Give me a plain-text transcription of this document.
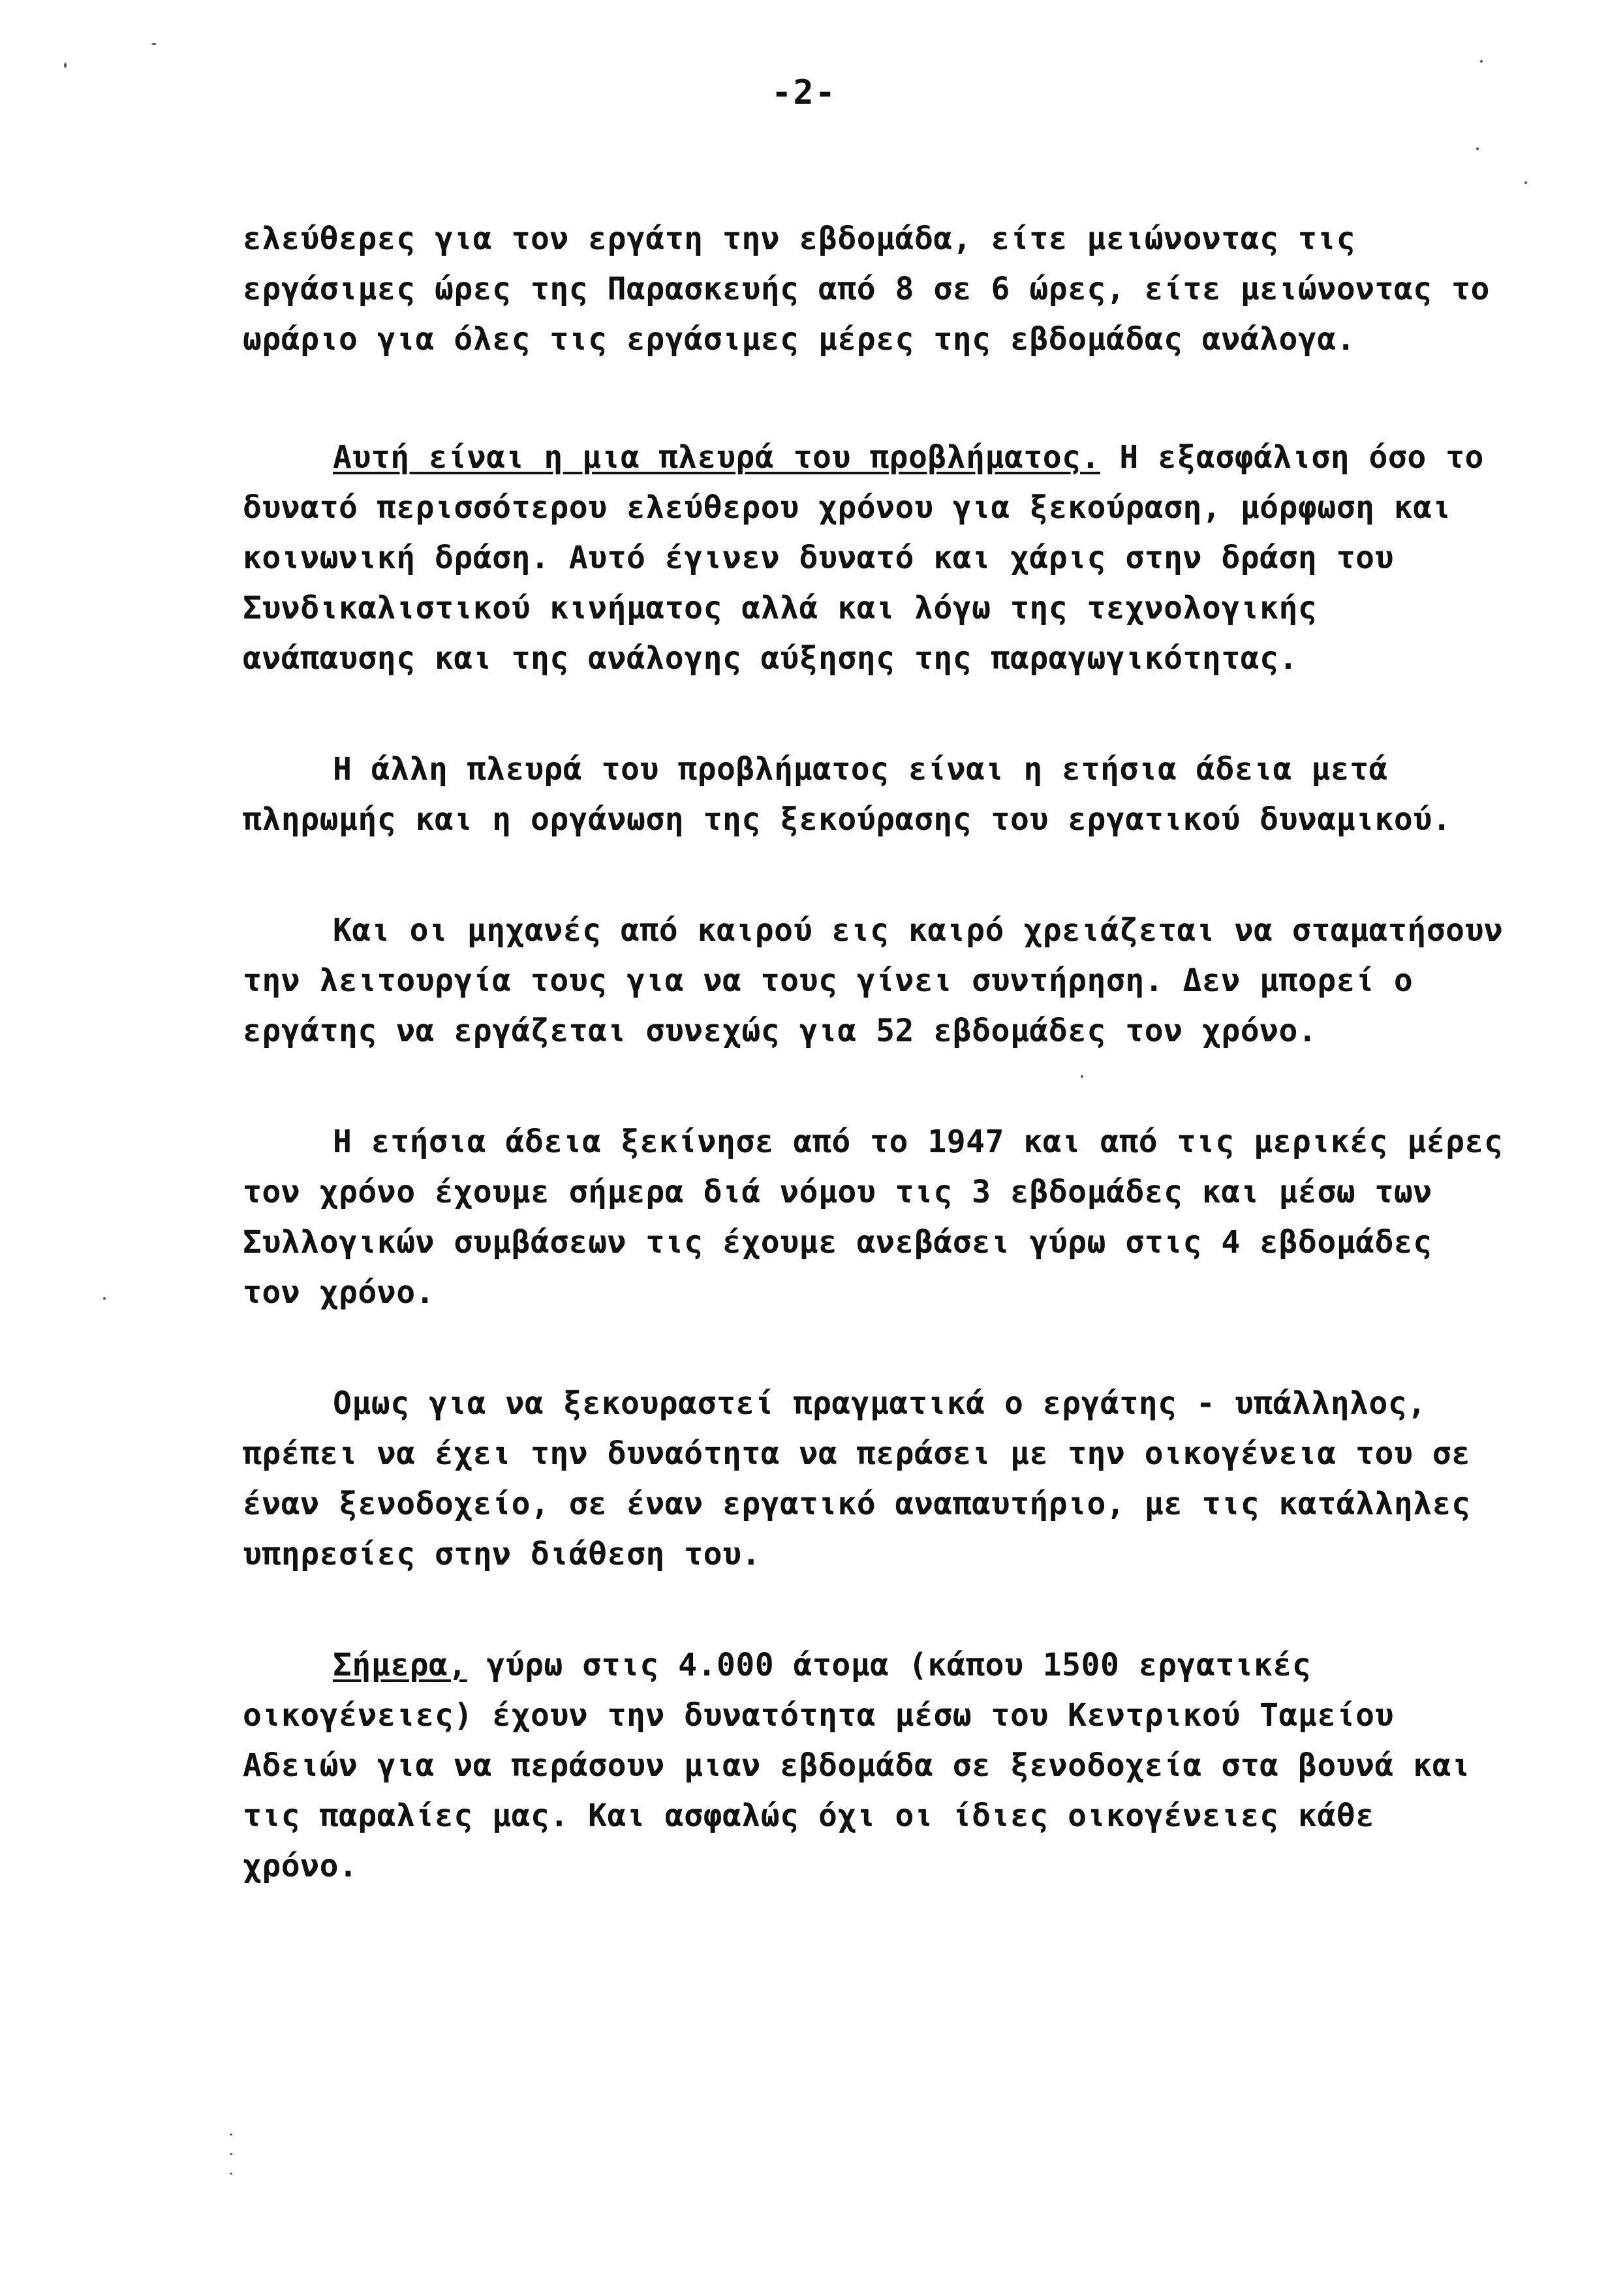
-2-
ελεύθερες για τον εργάτη την εβδομάδα, είτε μειώνοντας τις
εργάσιμες ώρες της Παρασκευής από 8 σε 6 ώρες, είτε μειώνοντας το
ωράριο για όλες τις εργάσιμες μέρες της εβδομάδας ανάλογα.
Αυτή είναι η μια πλευρά του προβλήματος. Η εξασφάλιση όσο το
δυνατό περισσότερου ελεύθερου χρόνου για ξεκούραση, μόρφωση και
κοινωνική δράση. Αυτό έγινεν δυνατό και χάρις στην δράση του
Συνδικαλιστικού κινήματος αλλά και λόγω της τεχνολογικής
ανάπαυσης και της ανάλογης αύξησης της παραγωγικότητας.
Η άλλη πλευρά του προβλήματος είναι η ετήσια άδεια μετά
πληρωμής και η οργάνωση της ξεκούρασης του εργατικού δυναμικού.
Και οι μηχανές από καιρού εις καιρό χρειάζεται να σταματήσουν
την λειτουργία τους για να τους γίνει συντήρηση. Δεν μπορεί ο
εργάτης να εργάζεται συνεχώς για 52 εβδομάδες τον χρόνο.
Η ετήσια άδεια ξεκίνησε από το 1947 και από τις μερικές μέρες
τον χρόνο έχουμε σήμερα διά νόμου τις 3 εβδομάδες και μέσω των
Συλλογικών συμβάσεων τις έχουμε ανεβάσει γύρω στις 4 εβδομάδες
τον χρόνο.
Ομως για να ξεκουραστεί πραγματικά ο εργάτης - υπάλληλος,
πρέπει να έχει την δυναότητα να περάσει με την οικογένεια του σε
έναν ξενοδοχείο, σε έναν εργατικό αναπαυτήριο, με τις κατάλληλες
υπηρεσίες στην διάθεση του.
Σήμερα, γύρω στις 4.000 άτομα (κάπου 1500 εργατικές
οικογένειες) έχουν την δυνατότητα μέσω του Κεντρικού Ταμείου
Αδειών για να περάσουν μιαν εβδομάδα σε ξενοδοχεία στα βουνά και
τις παραλίες μας. Και ασφαλώς όχι οι ίδιες οικογένειες κάθε
χρόνο.
